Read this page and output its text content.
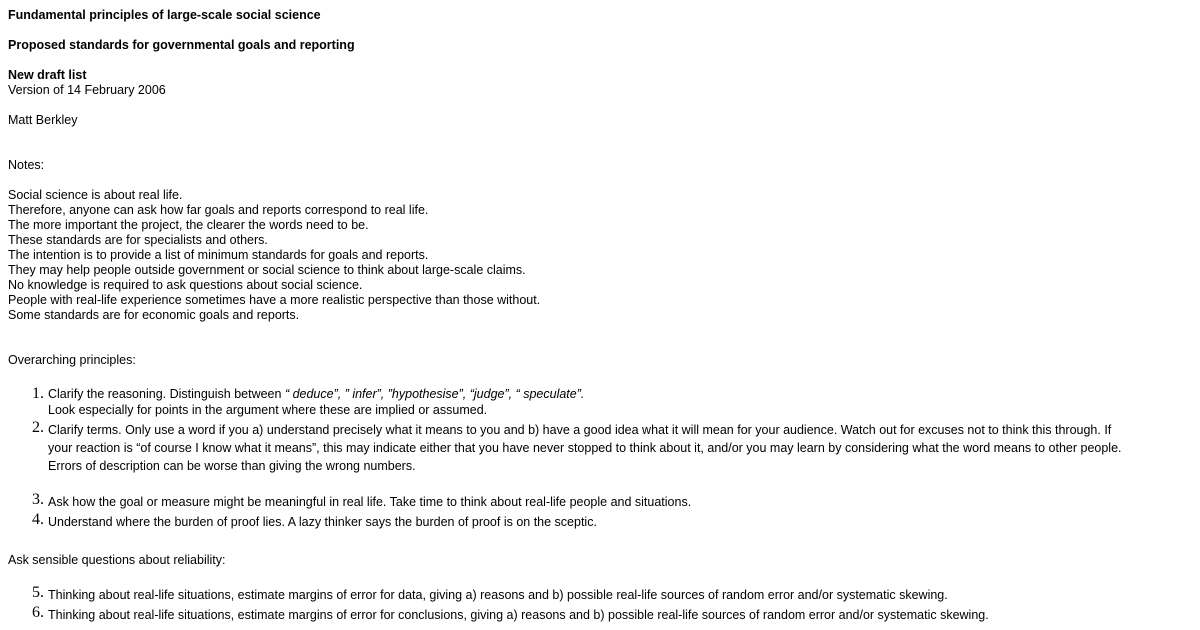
Fundamental principles of large-scale social science

Proposed standards for governmental goals and reporting

New draft list

Version of 14 February 2006

Matt Berkley

Notes:

Social science is about real life.

Therefore, anyone can ask how far goals and reports correspond to real life.

The more important the project, the clearer the words need to be.

These standards are for specialists and others.

The intention is to provide a list of minimum standards for goals and reports.

They may help people outside government or social science to think about large-scale claims.

No knowledge is required to ask questions about social science.

People with real-life experience sometimes have a more realistic perspective than those without.

Some standards are for economic goals and reports.

Overarching principles:

1. Clarify the reasoning. Distinguish between “ deduce”, ” infer”, ”hypothesise”, “judge”, “ speculate”.
Look especially for points in the argument where these are implied or assumed.
2. Clarify terms. Only use a word if you a) understand precisely what it means to you and b) have a good idea what it will mean for your audience. Watch out for excuses not to think this through. If
your reaction is “of course I know what it means”, this may indicate either that you have never stopped to think about it, and/or you may learn by considering what the word means to other people.
Errors of description can be worse than giving the wrong numbers.
3. Ask how the goal or measure might be meaningful in real life. Take time to think about real-life people and situations.
4. Understand where the burden of proof lies. A lazy thinker says the burden of proof is on the sceptic.

Ask sensible questions about reliability:

5. Thinking about real-life situations, estimate margins of error for data, giving a) reasons and b) possible real-life sources of random error and/or systematic skewing.
6. Thinking about real-life situations, estimate margins of error for conclusions, giving a) reasons and b) possible real-life sources of random error and/or systematic skewing.
